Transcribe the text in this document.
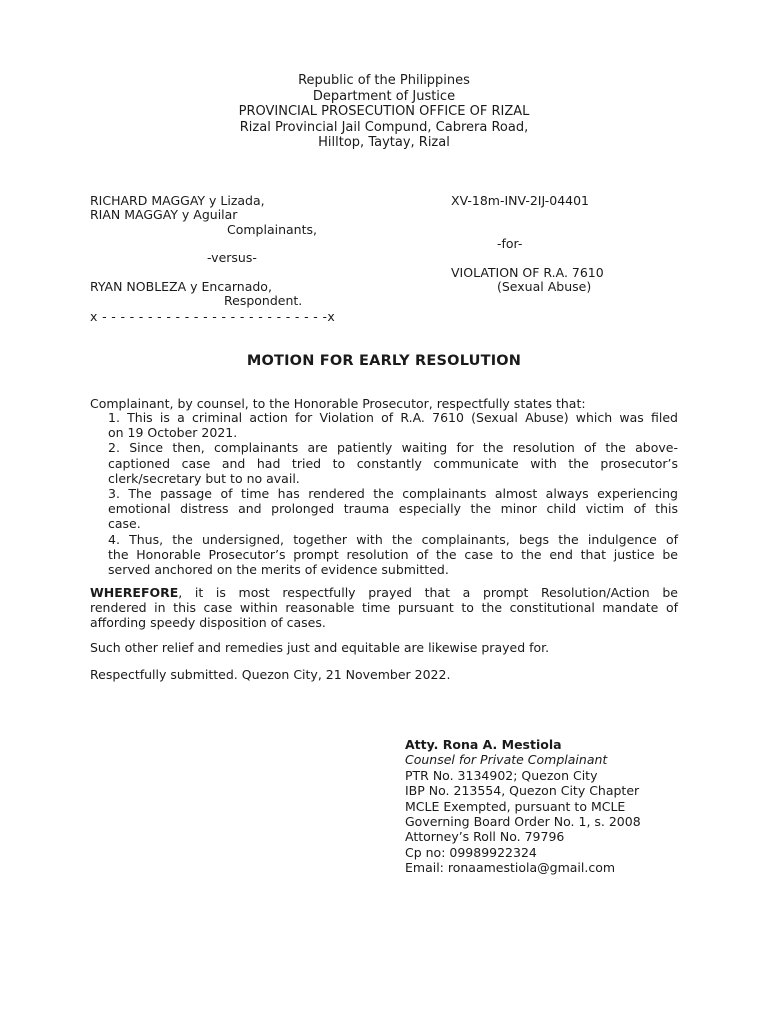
Republic of the Philippines
Department of Justice
PROVINCIAL PROSECUTION OFFICE OF RIZAL
Rizal Provincial Jail Compund, Cabrera Road,
Hilltop, Taytay, Rizal
RICHARD MAGGAY y Lizada,
RIAN MAGGAY y Aguilar
Complainants,
-versus-
RYAN NOBLEZA y Encarnado,
Respondent.
x - - - - - - - - - - - - - - - - - - - - - - - - -x
XV-18m-INV-2IJ-04401
-for-
VIOLATION OF R.A. 7610
(Sexual Abuse)
MOTION FOR EARLY RESOLUTION
Complainant, by counsel, to the Honorable Prosecutor, respectfully states that:
1. This is a criminal action for Violation of R.A. 7610 (Sexual Abuse) which was filed
on 19 October 2021.
2. Since then, complainants are patiently waiting for the resolution of the above-
captioned case and had tried to constantly communicate with the prosecutor’s
clerk/secretary but to no avail.
3. The passage of time has rendered the complainants almost always experiencing
emotional distress and prolonged trauma especially the minor child victim of this
case.
4. Thus, the undersigned, together with the complainants, begs the indulgence of
the Honorable Prosecutor’s prompt resolution of the case to the end that justice be
served anchored on the merits of evidence submitted.
WHEREFORE, it is most respectfully prayed that a prompt Resolution/Action be
rendered in this case within reasonable time pursuant to the constitutional mandate of
affording speedy disposition of cases.
Such other relief and remedies just and equitable are likewise prayed for.
Respectfully submitted. Quezon City, 21 November 2022.
Atty. Rona A. Mestiola
Counsel for Private Complainant
PTR No. 3134902; Quezon City
IBP No. 213554, Quezon City Chapter
MCLE Exempted, pursuant to MCLE
Governing Board Order No. 1, s. 2008
Attorney’s Roll No. 79796
Cp no: 09989922324
Email: ronaamestiola@gmail.com
